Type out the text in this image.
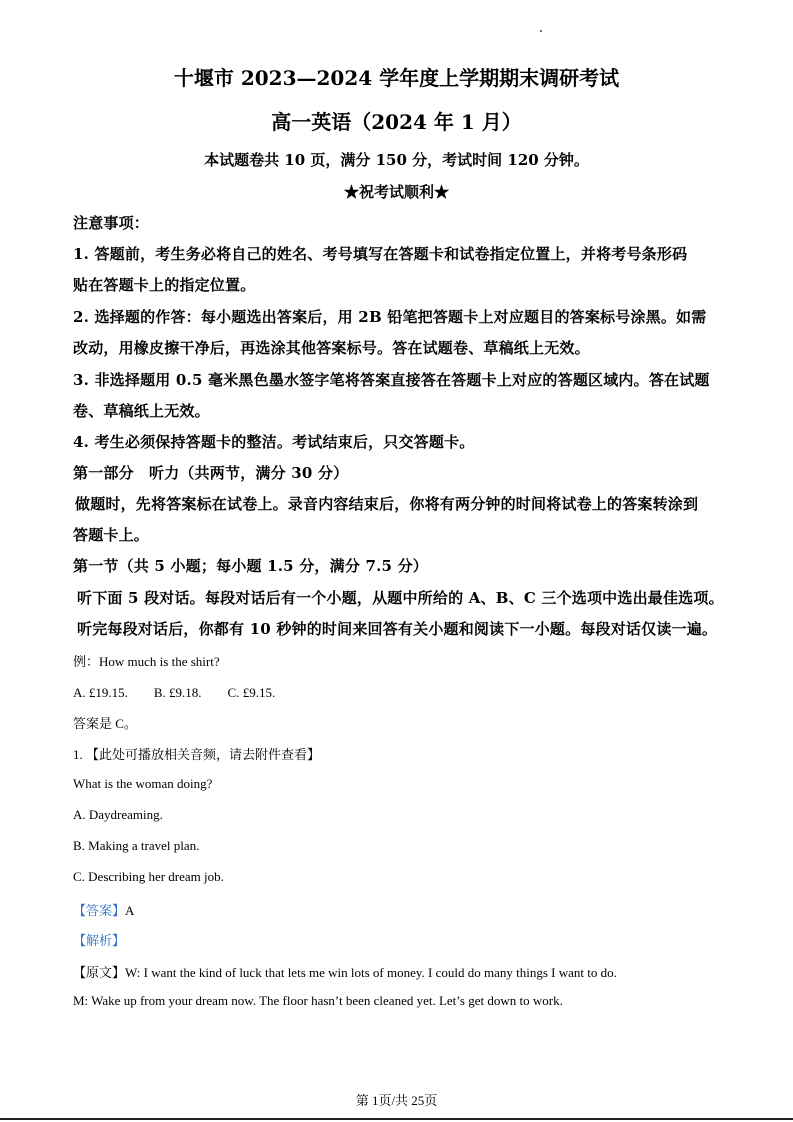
十堰市 2023—2024 学年度上学期期末调研考试
高一英语（2024 年 1 月）
本试题卷共 10 页，满分 150 分，考试时间 120 分钟。
★祝考试顺利★
注意事项：
1. 答题前，考生务必将自己的姓名、考号填写在答题卡和试卷指定位置上，并将考号条形码
贴在答题卡上的指定位置。
2. 选择题的作答：每小题选出答案后，用 2B 铅笔把答题卡上对应题目的答案标号涂黑。如需
改动，用橡皮擦干净后，再选涂其他答案标号。答在试题卷、草稿纸上无效。
3. 非选择题用 0.5 毫米黑色墨水签字笔将答案直接答在答题卡上对应的答题区域内。答在试题
卷、草稿纸上无效。
4. 考生必须保持答题卡的整洁。考试结束后，只交答题卡。
第一部分　听力（共两节，满分 30 分）
做题时，先将答案标在试卷上。录音内容结束后，你将有两分钟的时间将试卷上的答案转涂到
答题卡上。
第一节（共 5 小题；每小题 1.5 分，满分 7.5 分）
听下面 5 段对话。每段对话后有一个小题，从题中所给的 A、B、C 三个选项中选出最佳选项。
听完每段对话后，你都有 10 秒钟的时间来回答有关小题和阅读下一小题。每段对话仅读一遍。
例：How much is the shirt?
A. £19.15.　　B. £9.18.　　C. £9.15.
答案是 C。
1. 【此处可播放相关音频，请去附件查看】
What is the woman doing?
A. Daydreaming.
B. Making a travel plan.
C. Describing her dream job.
【答案】A
【解析】
【原文】W: I want the kind of luck that lets me win lots of money. I could do many things I want to do.
M: Wake up from your dream now. The floor hasn’t been cleaned yet. Let’s get down to work.
第 1页/共 25页
